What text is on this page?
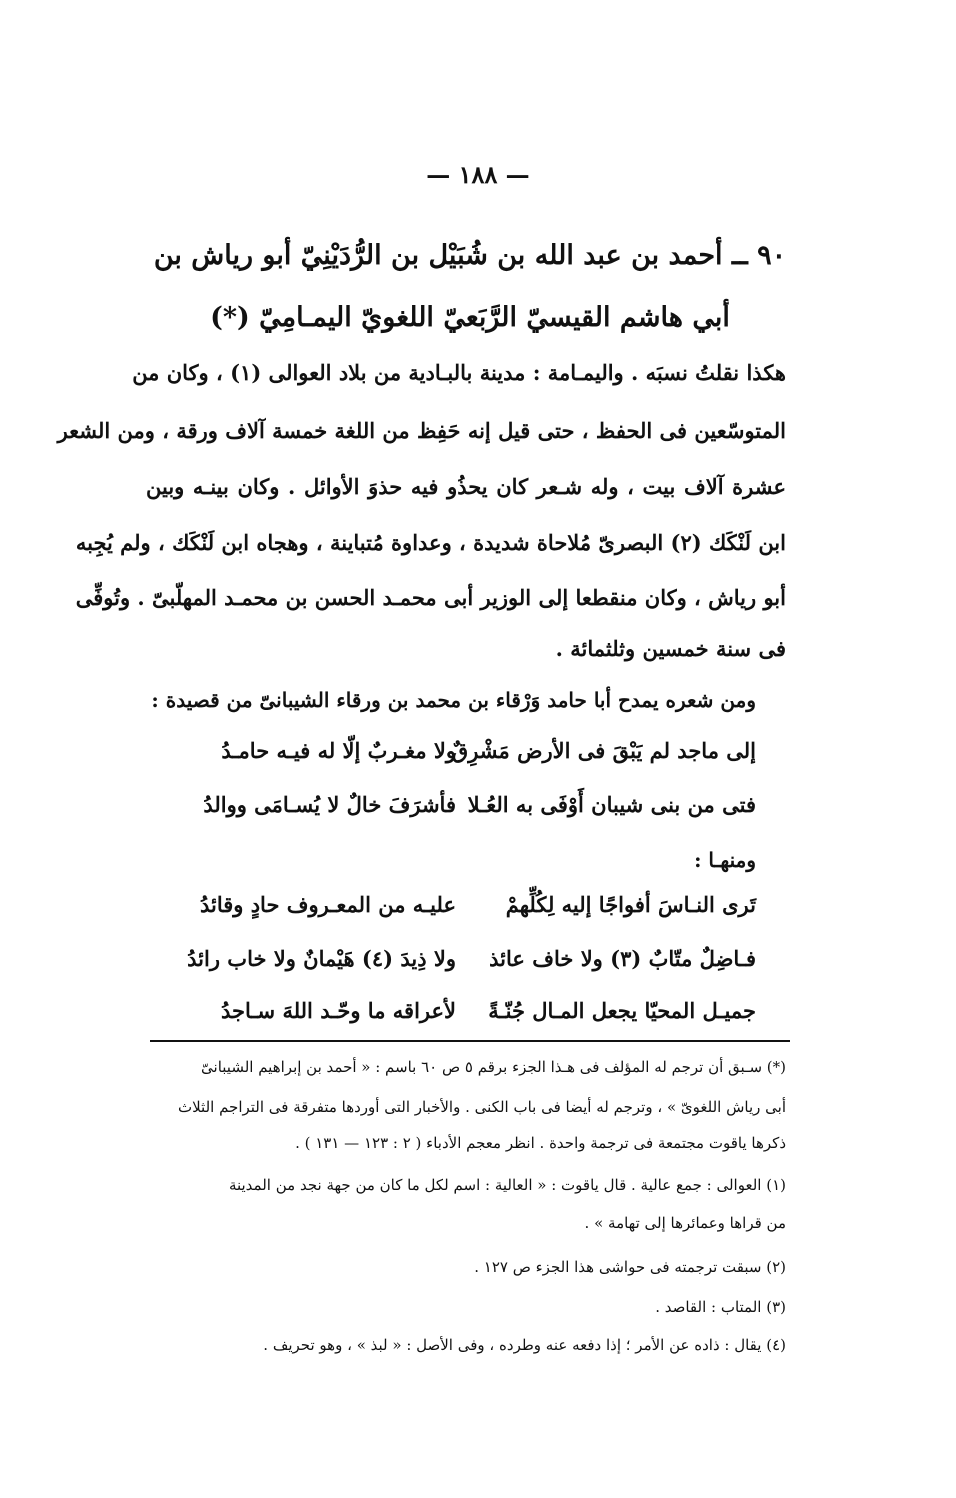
— ١٨٨ —
٩٠ ــ أحمد بن عبد الله بن شُبَيْل بن الرُّدَيْنِيّ أبو رياش بن
أبي هاشم القيسيّ الرَّبَعيّ اللغويّ اليمـامِيّ (*)
هكذا نقلتُ نسبَه . واليمـامة : مدينة بالبـادية من بلاد العوالى (١) ، وكان من
المتوسّعين فى الحفظ ، حتى قيل إنه حَفِظ من اللغة خمسة آلاف ورقة ، ومن الشعر
عشرة آلاف بيت ، وله شـعر كان يحذُو فيه حذوَ الأوائل . وكان بينـه وبين
ابن لَنْكَك (٢) البصرىّ مُلاحاة شديدة ، وعداوة مُتباينة ، وهجاه ابن لَنْكَك ، ولم يُجِبه
أبو رياش ، وكان منقطعا إلى الوزير أبى محمـد الحسن بن محمـد المهلّبىّ . وتُوفِّى
فى سنة خمسين وثلثمائة .
ومن شعره يمدح أبا حامد وَرْقاء بن محمد بن ورقاء الشيبانىّ من قصيدة :
إلى ماجد لم يَبْقَ فى الأرض مَشْرِقٌ
ولا مغـربٌ إلّا له فيـه حامـدُ
فتى من بنى شيبان أَوْفَى به العُـلا
فأشرَفَ خالٌ لا يُسـامَى ووالدُ
ومنهـا :
تَرى النـاسَ أفواجًا إليه لِكُلِّهمْ
عليـه من المعـروف حادٍ وقائدُ
فـاضِلٌ متّابٌ (٣) ولا خاف عائذ
ولا ذِيدَ (٤) هَيْمانٌ ولا خاب رائدُ
جميـل المحيّا يجعل المـال جُنّـةً
لأعراقه ما وحّـد اللهَ سـاجدُ
(*) سـبق أن ترجم له المؤلف فى هـذا الجزء برقم ٥ ص ٦٠ باسم : « أحمد بن إبراهيم الشيبانىّ
أبى رياش اللغوىّ » ، وترجم له أيضا فى باب الكنى . والأخبار التى أوردها متفرقة فى التراجم الثلاث
ذكرها ياقوت مجتمعة فى ترجمة واحدة . انظر معجم الأدباء ( ٢ : ١٢٣ — ١٣١ ) .
(١) العوالى : جمع عالية . قال ياقوت : « العالية : اسم لكل ما كان من جهة نجد من المدينة
من قراها وعمائرها إلى تهامة » .
(٢) سبقت ترجمته فى حواشى هذا الجزء ص ١٢٧ .
(٣) المتاب : القاصد .
(٤) يقال : ذاده عن الأمر ؛ إذا دفعه عنه وطرده ، وفى الأصل : « لبذ » ، وهو تحريف .
